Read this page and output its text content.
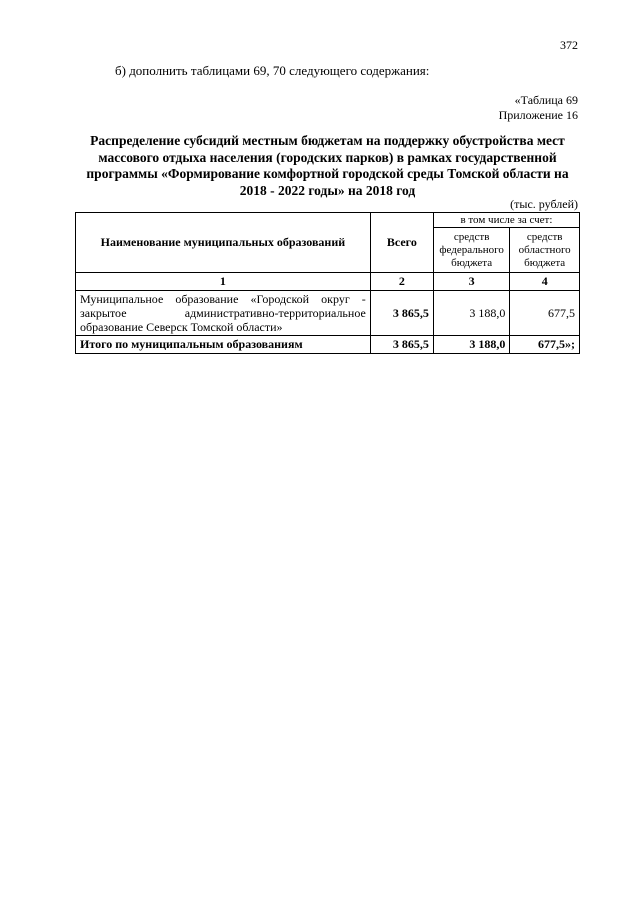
372
б) дополнить таблицами 69, 70 следующего содержания:
«Таблица 69
Приложение 16
Распределение субсидий местным бюджетам на поддержку обустройства мест массового отдыха населения (городских парков) в рамках государственной программы «Формирование комфортной городской среды Томской области на 2018 - 2022 годы» на 2018 год
(тыс. рублей)
Наименование муниципальных образований	Всего	в том числе за счет:	
		средств федерального бюджета	средств областного бюджета
1	2	3	4
Муниципальное образование «Городской округ - закрытое административно-территориальное образование Северск Томской области»	3 865,5	3 188,0	677,5
Итого по муниципальным образованиям	3 865,5	3 188,0	677,5»;
